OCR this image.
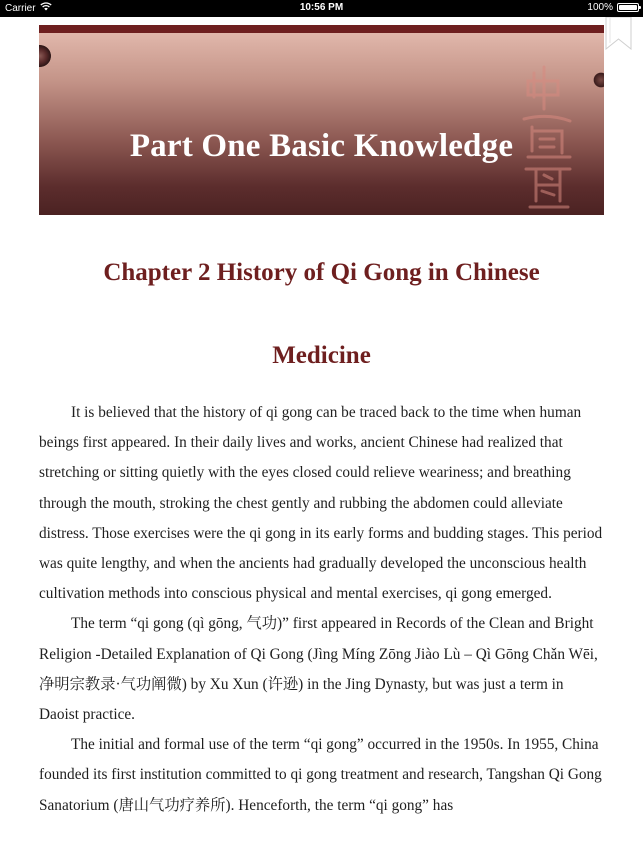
Carrier	10:56 PM	100%
Part One Basic Knowledge
Chapter 2 History of Qi Gong in Chinese
Medicine

It is believed that the history of qi gong can be traced back to the time when human beings first appeared. In their daily lives and works, ancient Chinese had realized that stretching or sitting quietly with the eyes closed could relieve weariness; and breathing through the mouth, stroking the chest gently and rubbing the abdomen could alleviate distress. Those exercises were the qi gong in its early forms and budding stages. This period was quite lengthy, and when the ancients had gradually developed the unconscious health cultivation methods into conscious physical and mental exercises, qi gong emerged.

The term “qi gong (qì gōng, 气功)” first appeared in Records of the Clean and Bright Religion -Detailed Explanation of Qi Gong (Jìng Míng Zōng Jiào Lù – Qì Gōng Chǎn Wēi, 净明宗教录·气功阐微) by Xu Xun (许逊) in the Jing Dynasty, but was just a term in Daoist practice.

The initial and formal use of the term “qi gong” occurred in the 1950s. In 1955, China founded its first institution committed to qi gong treatment and research, Tangshan Qi Gong Sanatorium (唐山气功疗养所). Henceforth, the term “qi gong” has
